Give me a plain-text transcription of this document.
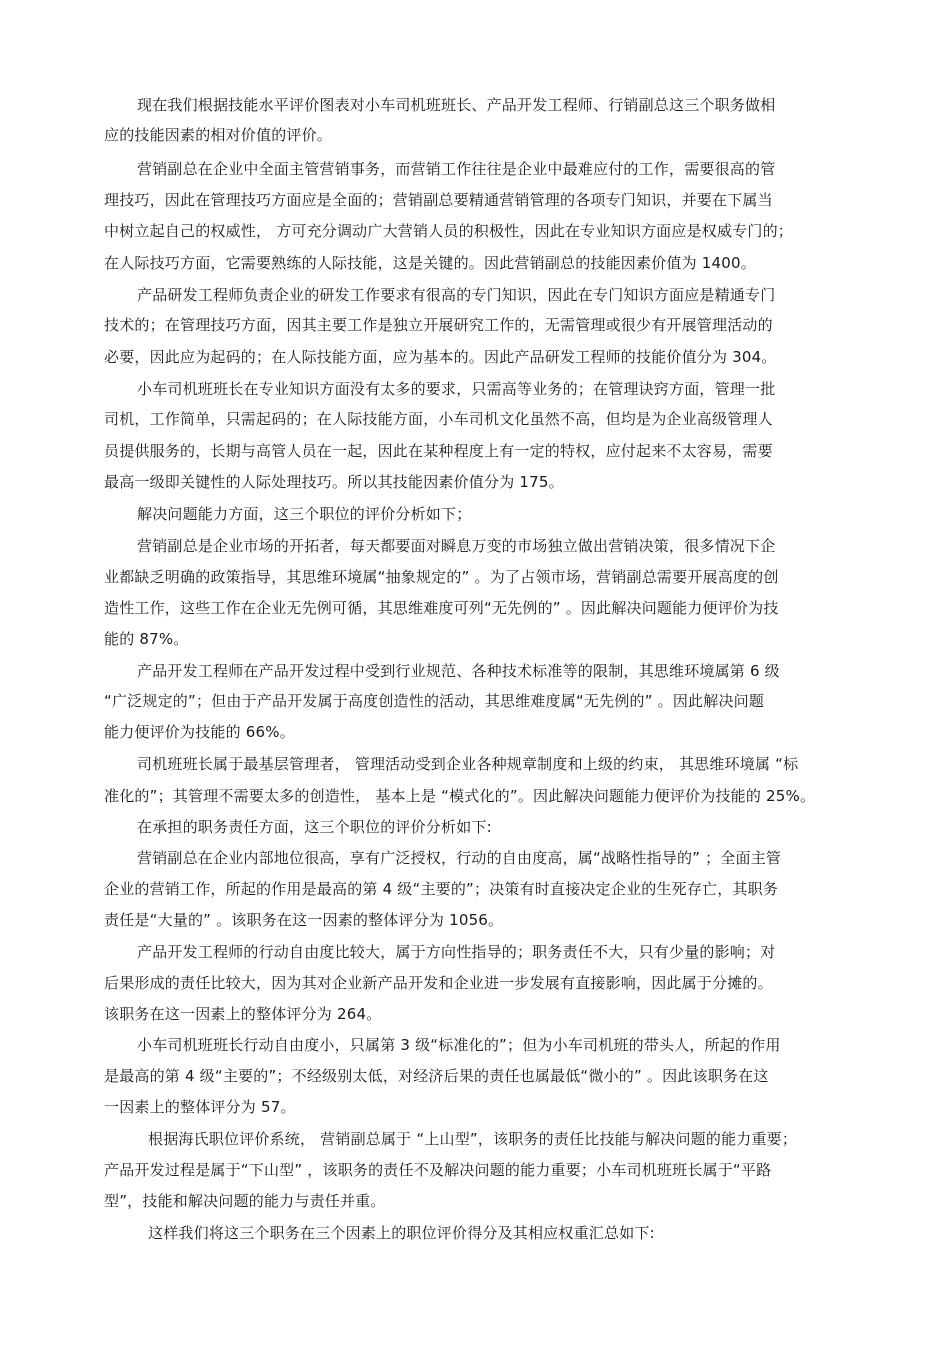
现在我们根据技能水平评价图表对小车司机班班长、产品开发工程师、行销副总这三个职务做相
应的技能因素的相对价值的评价。
营销副总在企业中全面主管营销事务，而营销工作往往是企业中最难应付的工作，需要很高的管
理技巧，因此在管理技巧方面应是全面的；营销副总要精通营销管理的各项专门知识，并要在下属当
中树立起自己的权威性， 方可充分调动广大营销人员的积极性，因此在专业知识方面应是权威专门的；
在人际技巧方面，它需要熟练的人际技能，这是关键的。因此营销副总的技能因素价值为 1400。
产品研发工程师负责企业的研发工作要求有很高的专门知识，因此在专门知识方面应是精通专门
技术的；在管理技巧方面，因其主要工作是独立开展研究工作的，无需管理或很少有开展管理活动的
必要，因此应为起码的；在人际技能方面，应为基本的。因此产品研发工程师的技能价值分为 304。
小车司机班班长在专业知识方面没有太多的要求，只需高等业务的；在管理诀窍方面，管理一批
司机，工作简单，只需起码的；在人际技能方面，小车司机文化虽然不高，但均是为企业高级管理人
员提供服务的，长期与高管人员在一起，因此在某种程度上有一定的特权，应付起来不太容易，需要
最高一级即关键性的人际处理技巧。所以其技能因素价值分为 175。
解决问题能力方面，这三个职位的评价分析如下；
营销副总是企业市场的开拓者，每天都要面对瞬息万变的市场独立做出营销决策，很多情况下企
业都缺乏明确的政策指导，其思维环境属“抽象规定的” 。为了占领市场，营销副总需要开展高度的创
造性工作，这些工作在企业无先例可循，其思维难度可列“无先例的” 。因此解决问题能力便评价为技
能的 87%。
产品开发工程师在产品开发过程中受到行业规范、各种技术标准等的限制，其思维环境属第 6 级
“广泛规定的”；但由于产品开发属于高度创造性的活动，其思维难度属“无先例的” 。因此解决问题
能力便评价为技能的 66%。
司机班班长属于最基层管理者， 管理活动受到企业各种规章制度和上级的约束， 其思维环境属 “标
准化的”；其管理不需要太多的创造性， 基本上是 “模式化的”。因此解决问题能力便评价为技能的 25%。
在承担的职务责任方面，这三个职位的评价分析如下:
营销副总在企业内部地位很高，享有广泛授权，行动的自由度高，属“战略性指导的” ；全面主管
企业的营销工作，所起的作用是最高的第 4 级“主要的”；决策有时直接决定企业的生死存亡，其职务
责任是“大量的” 。该职务在这一因素的整体评分为 1056。
产品开发工程师的行动自由度比较大，属于方向性指导的；职务责任不大，只有少量的影响；对
后果形成的责任比较大，因为其对企业新产品开发和企业进一步发展有直接影响，因此属于分摊的。
该职务在这一因素上的整体评分为 264。
小车司机班班长行动自由度小，只属第 3 级“标准化的”；但为小车司机班的带头人，所起的作用
是最高的第 4 级“主要的”；不经级别太低，对经济后果的责任也属最低“微小的” 。因此该职务在这
一因素上的整体评分为 57。
根据海氏职位评价系统， 营销副总属于 “上山型”，该职务的责任比技能与解决问题的能力重要；
产品开发过程是属于“下山型” ，该职务的责任不及解决问题的能力重要；小车司机班班长属于“平路
型”，技能和解决问题的能力与责任并重。
这样我们将这三个职务在三个因素上的职位评价得分及其相应权重汇总如下:
